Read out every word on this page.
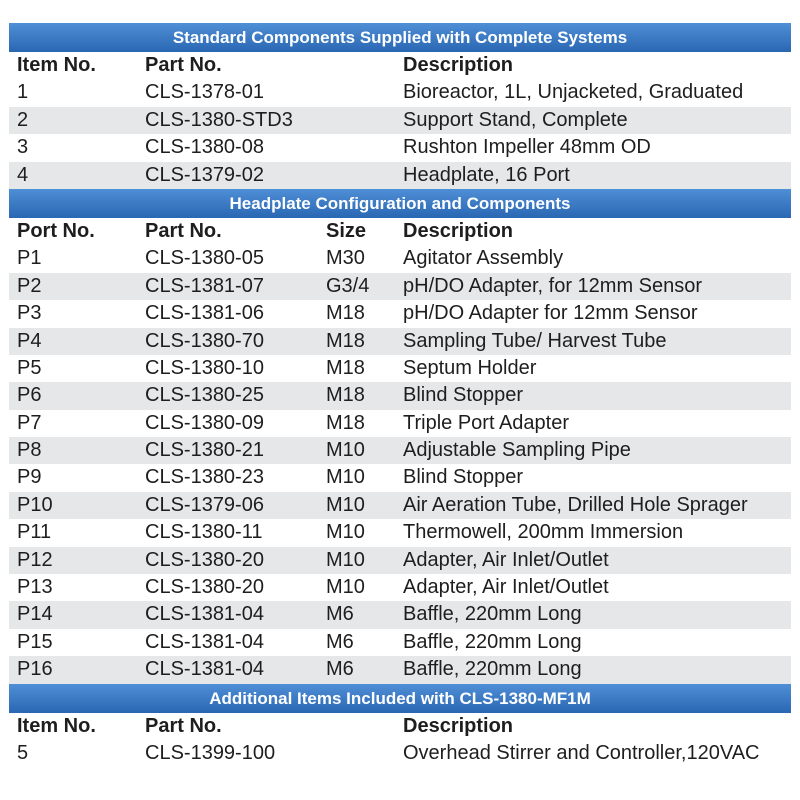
Standard Components Supplied with Complete Systems
Item No. Part No.	Description
1	CLS-1378-01	Bioreactor, 1L, Unjacketed, Graduated
2	CLS-1380-STD3	Support Stand, Complete
3	CLS-1380-08	Rushton Impeller 48mm OD
4	CLS-1379-02	Headplate, 16 Port
Headplate Configuration and Components
Port No.	Part No.	Size Description
P1	CLS-1380-05	M30 Agitator Assembly
P2	CLS-1381-07	G3/4 pH/DO Adapter, for 12mm Sensor
P3	CLS-1381-06	M18 pH/DO Adapter for 12mm Sensor
P4	CLS-1380-70	M18 Sampling Tube/ Harvest Tube
P5	CLS-1380-10	M18 Septum Holder
P6	CLS-1380-25	M18 Blind Stopper
P7	CLS-1380-09	M18 Triple Port Adapter
P8	CLS-1380-21	M10 Adjustable Sampling Pipe
P9	CLS-1380-23	M10 Blind Stopper
P10	CLS-1379-06	M10 Air Aeration Tube, Drilled Hole Sprager
P11	CLS-1380-11	M10 Thermowell, 200mm Immersion
P12	CLS-1380-20	M10 Adapter, Air Inlet/Outlet
P13	CLS-1380-20	M10 Adapter, Air Inlet/Outlet
P14	CLS-1381-04	M6 Baffle, 220mm Long
P15	CLS-1381-04	M6 Baffle, 220mm Long
P16	CLS-1381-04	M6 Baffle, 220mm Long
Additional Items Included with CLS-1380-MF1M
Item No. Part No.	Description
5	CLS-1399-100	Overhead Stirrer and Controller,120VAC
